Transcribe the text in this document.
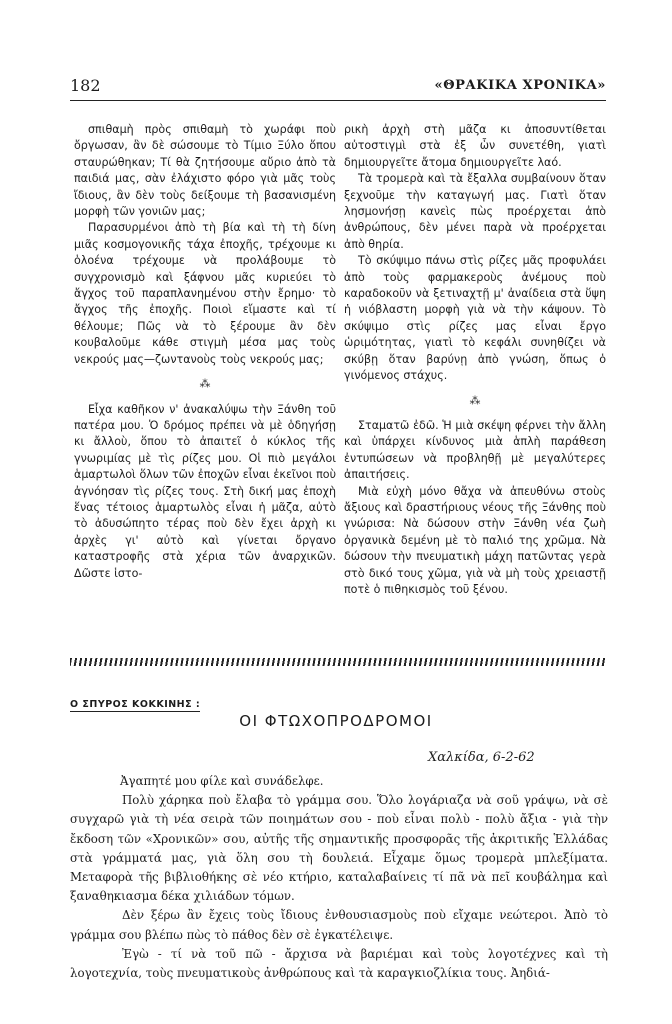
182	«ΘΡΑΚΙΚΑ ΧΡΟΝΙΚΑ»

σπιθαμὴ πρὸς σπιθαμὴ τὸ χωράφι ποὺ ὄργωσαν, ἂν δὲ σώσουμε τὸ Τίμιο Ξύλο ὅπου σταυρώθηκαν; Τί θὰ ζητήσουμε αὔριο ἀπὸ τὰ παιδιά μας, σὰν ἐλάχιστο φόρο γιὰ μᾶς τοὺς ἴδιους, ἂν δὲν τοὺς δείξουμε τὴ βασανισμένη μορφὴ τῶν γονιῶν μας;

Παρασυρμένοι ἀπὸ τὴ βία καὶ τὴ τὴ δίνη μιᾶς κοσμογονικῆς τάχα ἐποχῆς, τρέχουμε κι ὁλοένα τρέχουμε νὰ προλάβουμε τὸ συγχρονισμὸ καὶ ξάφνου μᾶς κυριεύει τὸ ἄγχος τοῦ παραπλανημένου στὴν ἔρημο· τὸ ἄγχος τῆς ἐποχῆς. Ποιοὶ εἴμαστε καὶ τί θέλουμε; Πῶς νὰ τὸ ξέρουμε ἂν δὲν κουβαλοῦμε κάθε στιγμὴ μέσα μας τοὺς νεκρούς μας—ζωντανοὺς τοὺς νεκρούς μας;

⁂

Εἶχα καθῆκον ν' ἀνακαλύψω τὴν Ξάνθη τοῦ πατέρα μου. Ὁ δρόμος πρέπει νὰ μὲ ὁδηγήσῃ κι ἄλλοὺ, ὅπου τὸ ἀπαιτεῖ ὁ κύκλος τῆς γνωριμίας μὲ τὶς ρίζες μου. Οἱ πιὸ μεγάλοι ἁμαρτωλοὶ ὅλων τῶν ἐποχῶν εἶναι ἐκεῖνοι ποὺ ἀγνόησαν τὶς ρίζες τους. Στὴ δική μας ἐποχὴ ἕνας τέτοιος ἁμαρτωλὸς εἶναι ἡ μᾶζα, αὐτὸ τὸ ἀδυσώπητο τέρας ποὺ δὲν ἔχει ἀρχὴ κι ἀρχὲς γι' αὐτὸ καὶ γίνεται ὄργανο καταστροφῆς στὰ χέρια τῶν ἀναρχικῶν. Δῶστε ἱστο-

ρικὴ ἀρχὴ στὴ μᾶζα κι ἀποσυντίθεται αὐτοστιγμὶ στὰ ἐξ ὧν συνετέθη, γιατὶ δημιουργεῖτε ἄτομα δημιουργεῖτε λαό.

Τὰ τρομερὰ καὶ τὰ ἔξαλλα συμβαίνουν ὅταν ξεχνοῦμε τὴν καταγωγή μας. Γιατὶ ὅταν λησμονήσῃ κανεὶς πὼς προέρχεται ἀπὸ ἀνθρώπους, δὲν μένει παρὰ νὰ προέρχεται ἀπὸ θηρία.

Τὸ σκύψιμο πάνω στὶς ρίζες μᾶς προφυλάει ἀπὸ τοὺς φαρμακεροὺς ἀνέμους ποὺ καραδοκοῦν νὰ ξετιναχτῇ μ' ἀναίδεια στὰ ὕψη ἡ νιόβλαστη μορφὴ γιὰ νὰ τὴν κάψουν. Τὸ σκύψιμο στὶς ρίζες μας εἶναι ἔργο ὡριμότητας, γιατὶ τὸ κεφάλι συνηθίζει νὰ σκύβῃ ὅταν βαρύνῃ ἀπὸ γνώση, ὅπως ὁ γινόμενος στάχυς.

⁂

Σταματῶ ἐδῶ. Ἡ μιὰ σκέψη φέρνει τὴν ἄλλη καὶ ὑπάρχει κίνδυνος μιὰ ἁπλὴ παράθεση ἐντυπώσεων νὰ προβληθῇ μὲ μεγαλύτερες ἀπαιτήσεις.

Μιὰ εὐχὴ μόνο θἄχα νὰ ἀπευθύνω στοὺς ἄξιους καὶ δραστήριους νέους τῆς Ξάνθης ποὺ γνώρισα: Νὰ δώσουν στὴν Ξάνθη νέα ζωὴ ὀργανικὰ δεμένη μὲ τὸ παλιό της χρῶμα. Νὰ δώσουν τὴν πνευματικὴ μάχη πατῶντας γερὰ στὸ δικό τους χῶμα, γιὰ νὰ μὴ τοὺς χρειαστῇ ποτὲ ὁ πιθηκισμὸς τοῦ ξένου.

Ο ΣΠΥΡΟΣ ΚΟΚΚΙΝΗΣ :
ΟΙ ΦΤΩΧΟΠΡΟΔΡΟΜΟΙ
Χαλκίδα, 6-2-62

Ἀγαπητέ μου φίλε καὶ συνάδελφε.

Πολὺ χάρηκα ποὺ ἔλαβα τὸ γράμμα σου. Ὅλο λογάριαζα νὰ σοῦ γράψω, νὰ σὲ συγχαρῶ γιὰ τὴ νέα σειρὰ τῶν ποιημάτων σου - ποὺ εἶναι πολὺ - πολὺ ἄξια - γιὰ τὴν ἔκδοση τῶν «Χρονικῶν» σου, αὐτῆς τῆς σημαντικῆς προσφορᾶς τῆς ἀκριτικῆς Ἑλλάδας στὰ γράμματά μας, γιὰ ὅλη σου τὴ δουλειά. Εἶχαμε ὅμως τρομερὰ μπλεξίματα. Μεταφορὰ τῆς βιβλιοθήκης σὲ νέο κτήριο, καταλαβαίνεις τί πᾶ νὰ πεῖ κουβάλημα καὶ ξαναθηκιασμα δέκα χιλιάδων τόμων.

Δὲν ξέρω ἂν ἔχεις τοὺς ἴδιους ἐνθουσιασμοὺς ποὺ εἴχαμε νεώτεροι. Ἀπὸ τὸ γράμμα σου βλέπω πὼς τὸ πάθος δὲν σὲ ἐγκατέλειψε.

Ἐγὼ - τί νὰ τοῦ πῶ - ἄρχισα νὰ βαριέμαι καὶ τοὺς λογοτέχνες καὶ τὴ λογοτεχνία, τοὺς πνευματικοὺς ἀνθρώπους καὶ τὰ καραγκιοζλίκια τους. Ἀηδιά-
